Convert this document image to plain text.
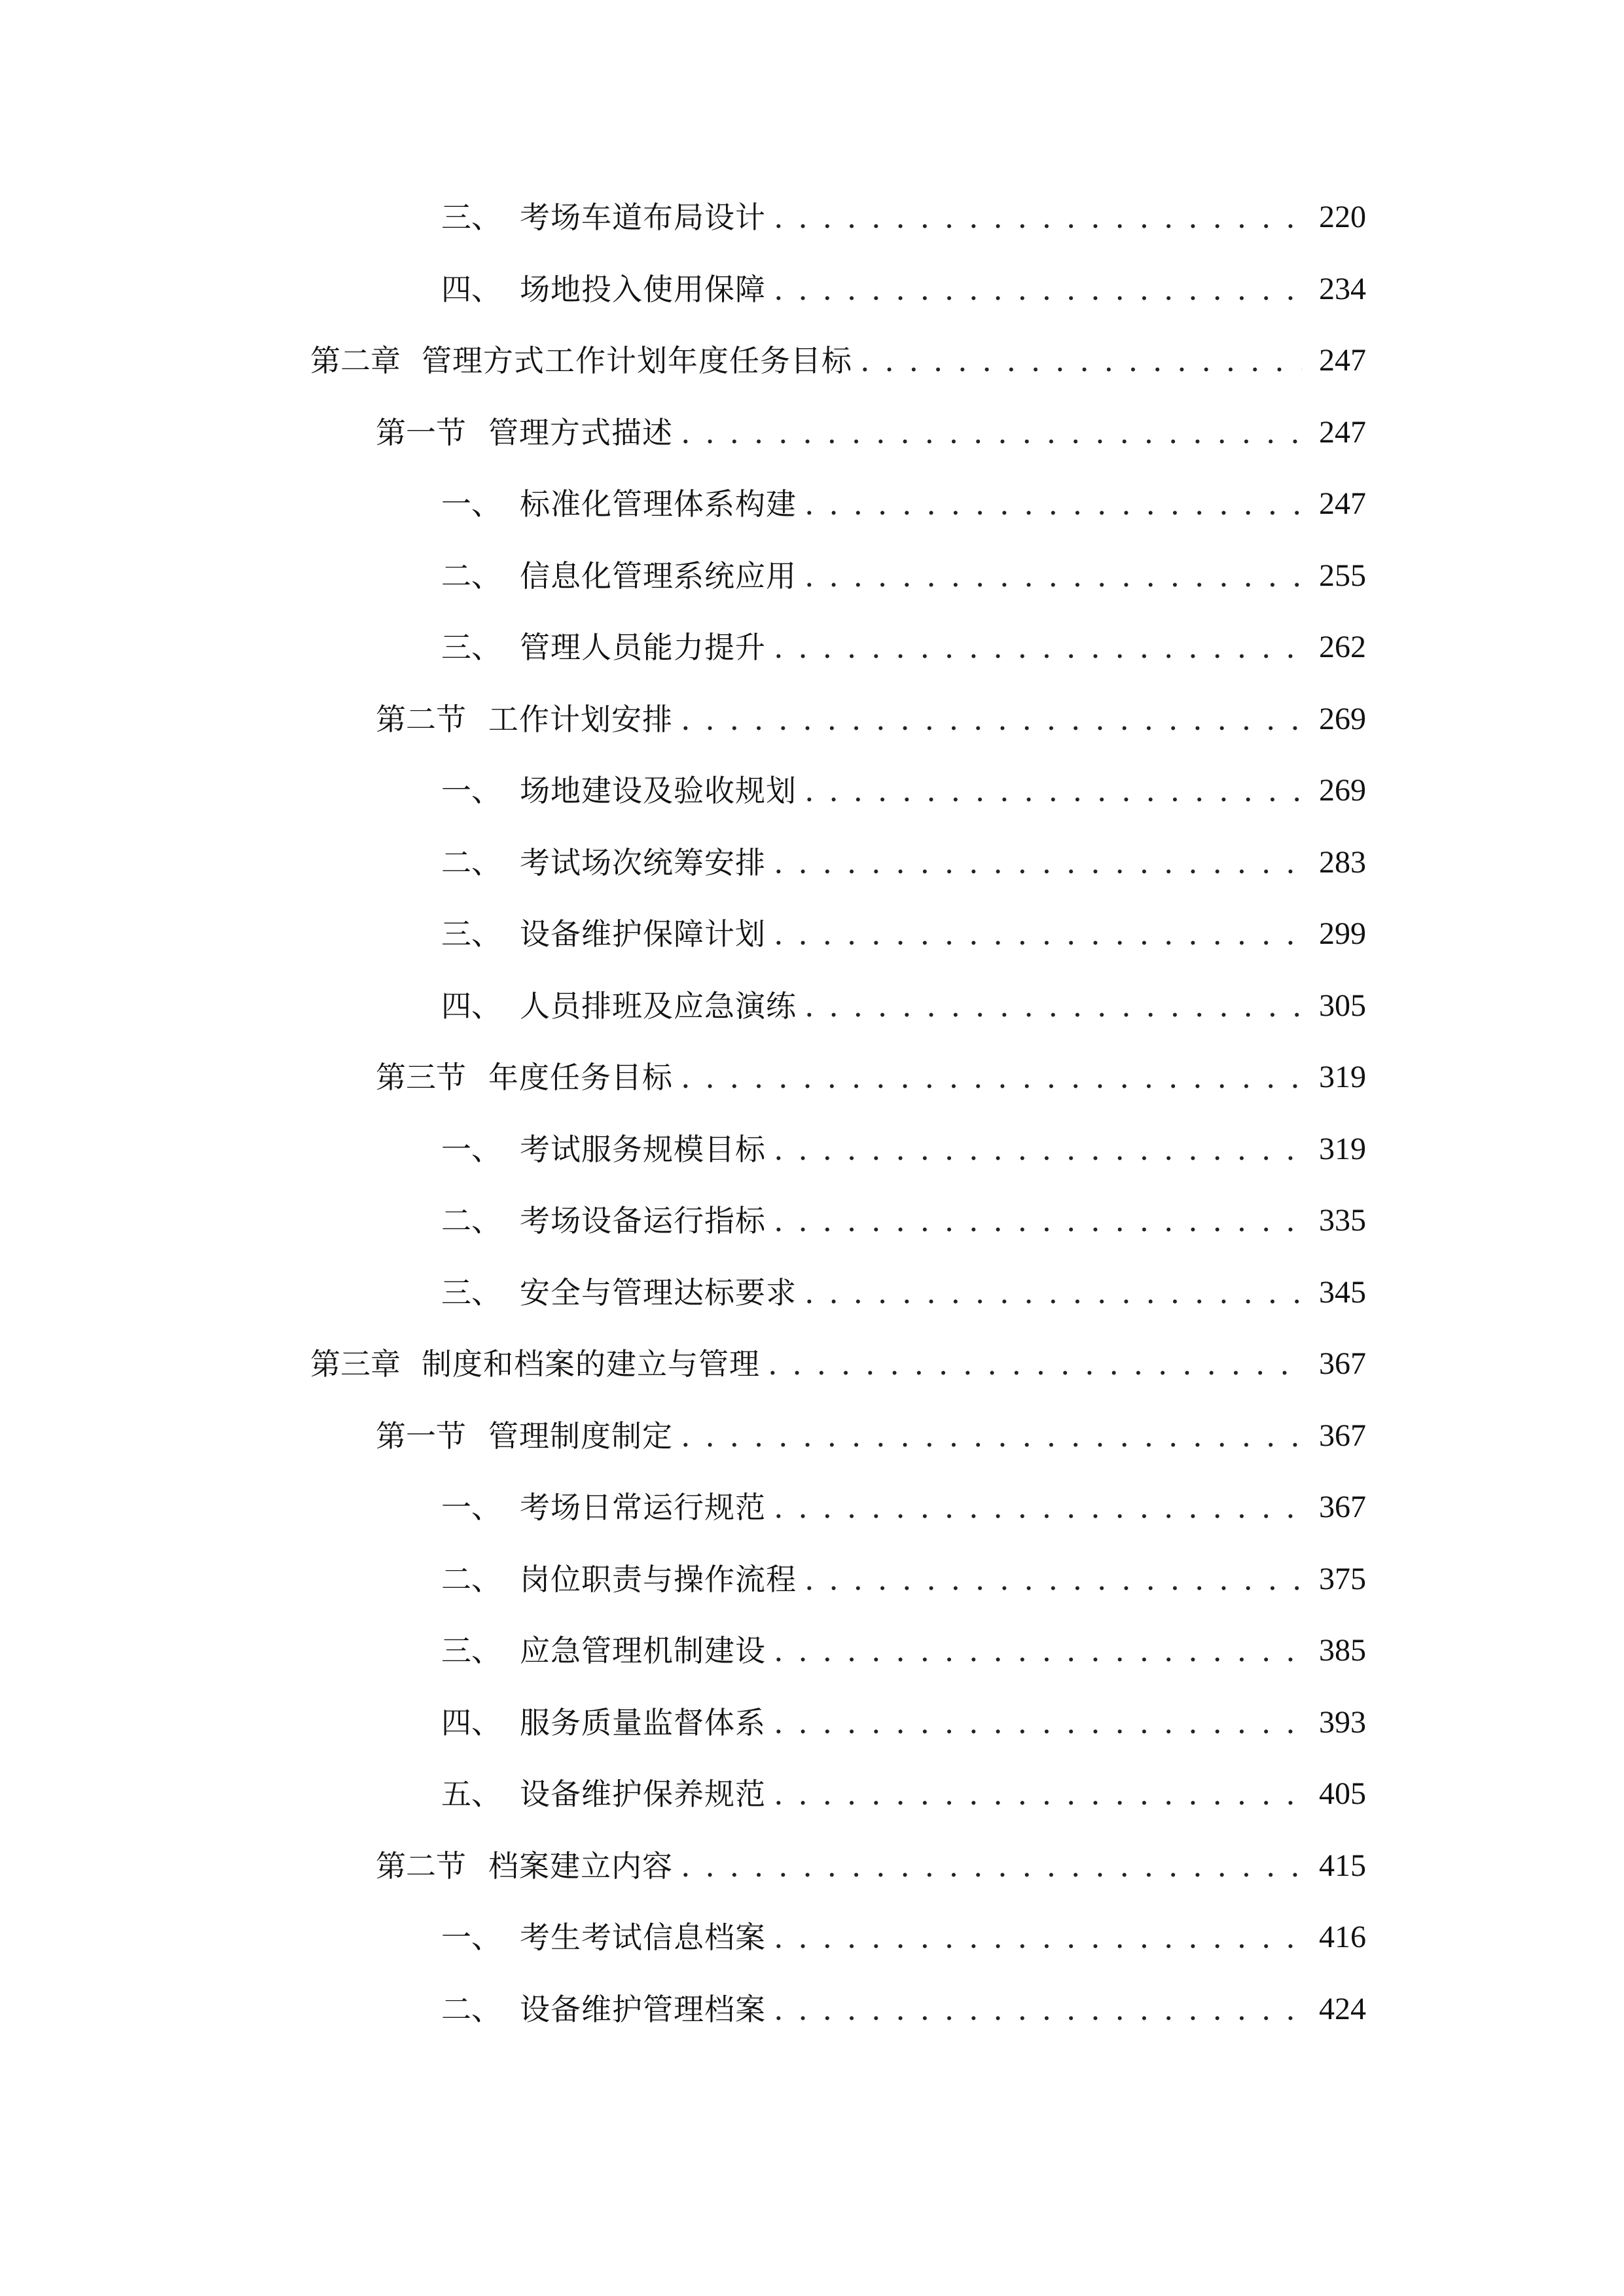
三、 考场车道布局设计 . . .	220
四、 场地投入使用保障 . . .	234
第二章 管理方式工作计划年度任务目标 . . .	247
第一节 管理方式描述 . . .	247
一、 标准化管理体系构建 . . .	247
二、 信息化管理系统应用 . . .	255
三、 管理人员能力提升 . . .	262
第二节 工作计划安排 . . .	269
一、 场地建设及验收规划 . . .	269
二、 考试场次统筹安排 . . .	283
三、 设备维护保障计划 . . .	299
四、 人员排班及应急演练 . . .	305
第三节 年度任务目标 . . .	319
一、 考试服务规模目标 . . .	319
二、 考场设备运行指标 . . .	335
三、 安全与管理达标要求 . . .	345
第三章 制度和档案的建立与管理 . . .	367
第一节 管理制度制定 . . .	367
一、 考场日常运行规范 . . .	367
二、 岗位职责与操作流程 . . .	375
三、 应急管理机制建设 . . .	385
四、 服务质量监督体系 . . .	393
五、 设备维护保养规范 . . .	405
第二节 档案建立内容 . . .	415
一、 考生考试信息档案 . . .	416
二、 设备维护管理档案 . . .	424
